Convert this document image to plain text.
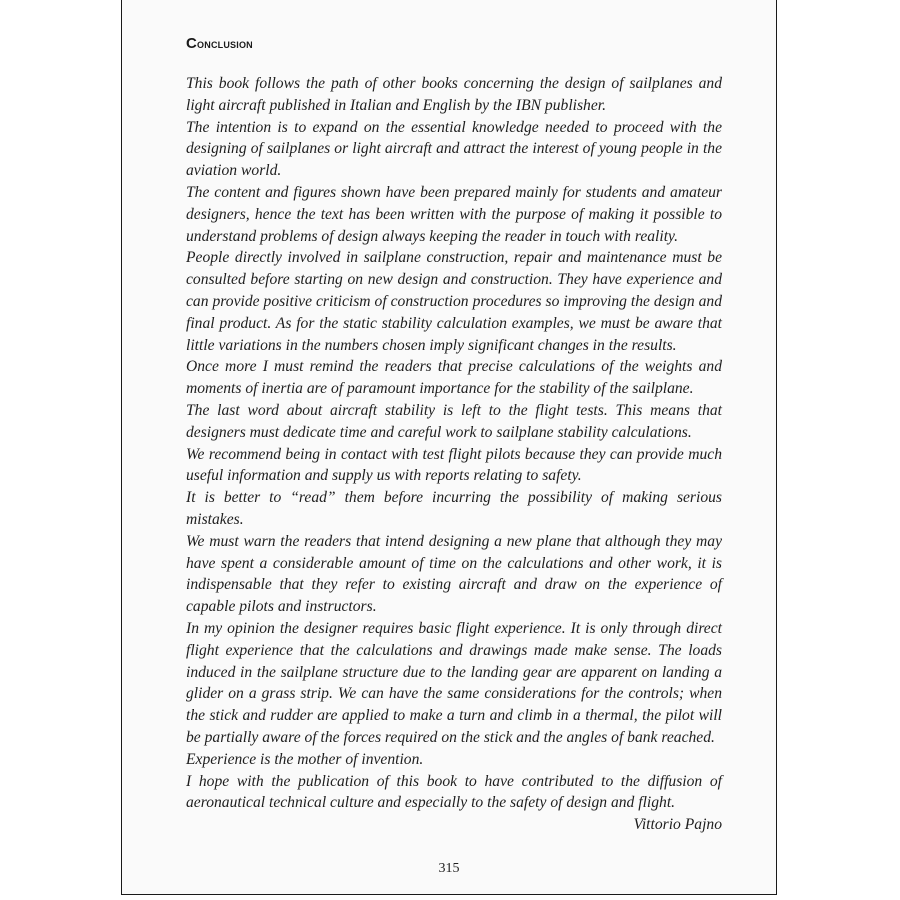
Conclusion

This book follows the path of other books concerning the design of sailplanes and light aircraft published in Italian and English by the IBN publisher.

The intention is to expand on the essential knowledge needed to proceed with the designing of sailplanes or light aircraft and attract the interest of young people in the aviation world.

The content and figures shown have been prepared mainly for students and amateur designers, hence the text has been written with the purpose of making it possible to understand problems of design always keeping the reader in touch with reality.

People directly involved in sailplane construction, repair and maintenance must be consulted before starting on new design and construction. They have experience and can provide positive criticism of construction procedures so improving the design and final product. As for the static stability calculation examples, we must be aware that little variations in the numbers chosen imply significant changes in the results.

Once more I must remind the readers that precise calculations of the weights and moments of inertia are of paramount importance for the stability of the sailplane.

The last word about aircraft stability is left to the flight tests. This means that designers must dedicate time and careful work to sailplane stability calculations.

We recommend being in contact with test flight pilots because they can provide much useful information and supply us with reports relating to safety.

It is better to “read” them before incurring the possibility of making serious mistakes.

We must warn the readers that intend designing a new plane that although they may have spent a considerable amount of time on the calculations and other work, it is indispensable that they refer to existing aircraft and draw on the experience of capable pilots and instructors.

In my opinion the designer requires basic flight experience. It is only through direct flight experience that the calculations and drawings made make sense. The loads induced in the sailplane structure due to the landing gear are apparent on landing a glider on a grass strip. We can have the same considerations for the controls; when the stick and rudder are applied to make a turn and climb in a thermal, the pilot will be partially aware of the forces required on the stick and the angles of bank reached.

Experience is the mother of invention.

I hope with the publication of this book to have contributed to the diffusion of aeronautical technical culture and especially to the safety of design and flight.

Vittorio Pajno

315
